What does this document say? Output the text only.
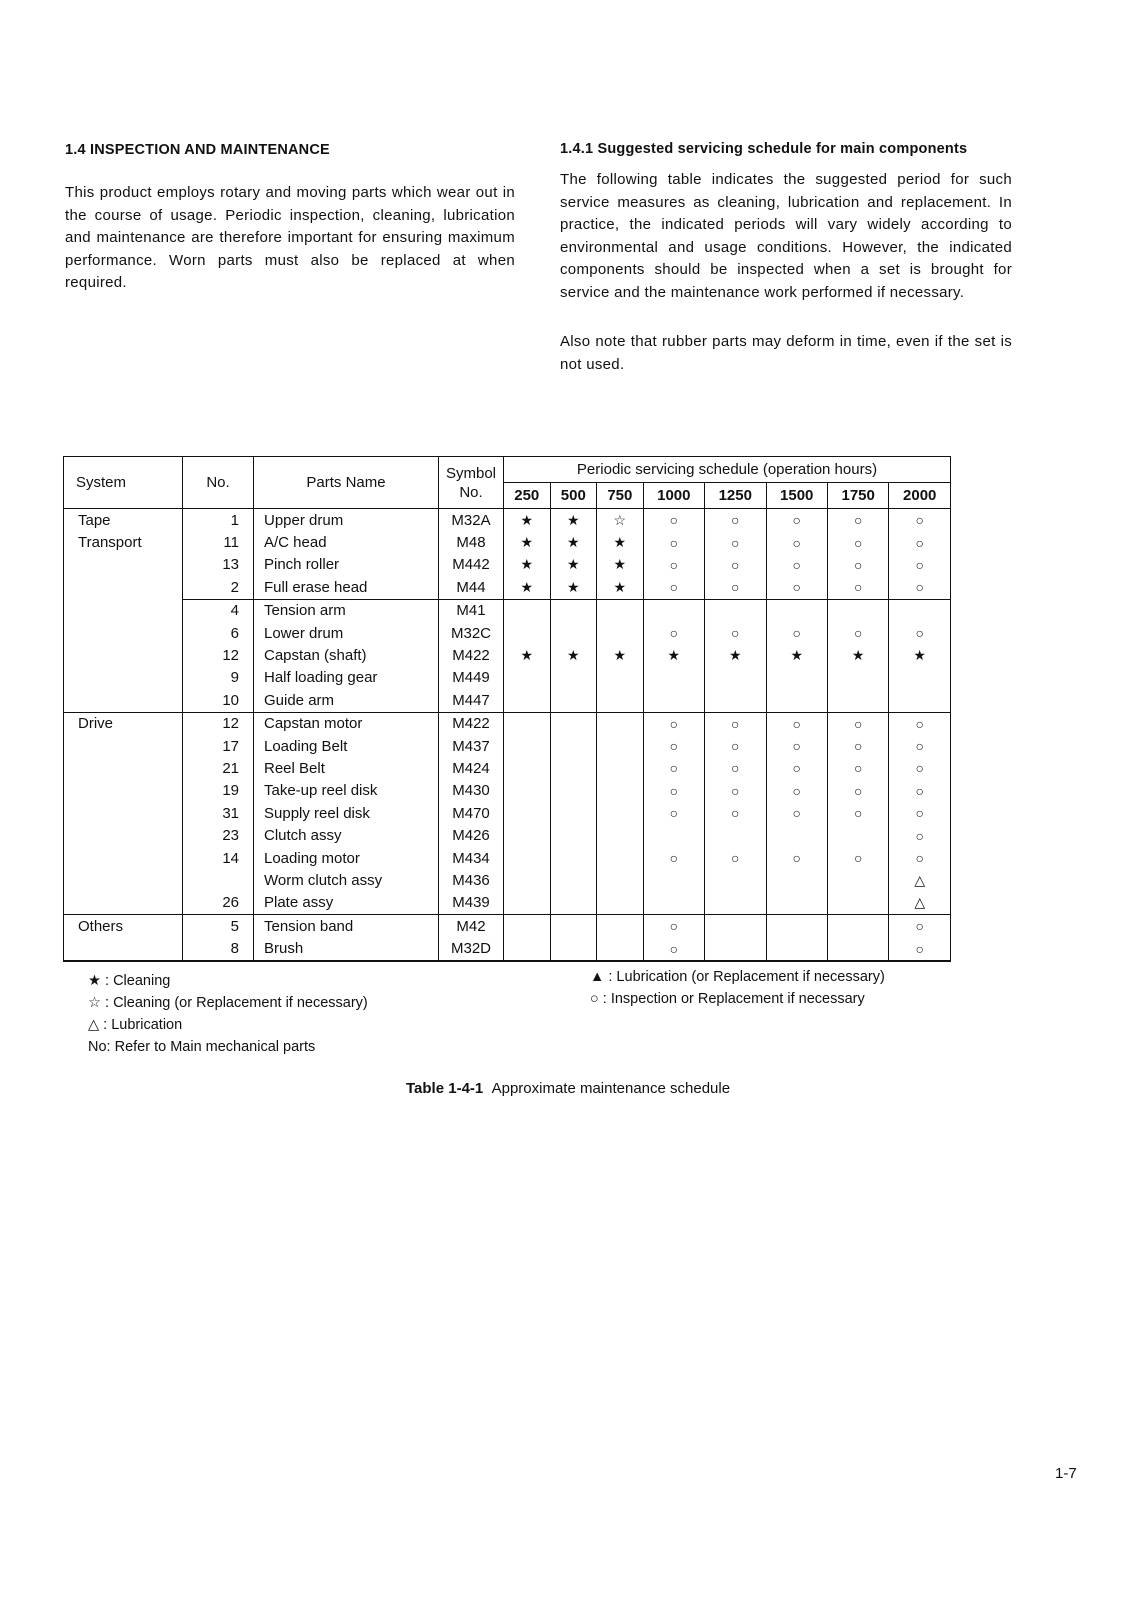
1.4 INSPECTION AND MAINTENANCE
This product employs rotary and moving parts which wear out in the course of usage. Periodic inspection, cleaning, lubrication and maintenance are therefore important for ensuring maximum performance. Worn parts must also be replaced at when required.
1.4.1 Suggested servicing schedule for main components
The following table indicates the suggested period for such service measures as cleaning, lubrication and replacement. In practice, the indicated periods will vary widely according to environmental and usage conditions. However, the indicated components should be inspected when a set is brought for service and the maintenance work performed if necessary.
Also note that rubber parts may deform in time, even if the set is not used.
System	No.	Parts Name	Symbol No.	Periodic servicing schedule (operation hours)							
				250	500	750	1000	1250	1500	1750	2000
Tape	1	Upper drum	M32A	★	★	☆	○	○	○	○	○
Transport	11	A/C head	M48	★	★	★	○	○	○	○	○
	13	Pinch roller	M442	★	★	★	○	○	○	○	○
	2	Full erase head	M44	★	★	★	○	○	○	○	○
	4	Tension arm	M41								
	6	Lower drum	M32C				○	○	○	○	○
	12	Capstan (shaft)	M422	★	★	★	★	★	★	★	★
	9	Half loading gear	M449								
	10	Guide arm	M447								
Drive	12	Capstan motor	M422				○	○	○	○	○
	17	Loading Belt	M437				○	○	○	○	○
	21	Reel Belt	M424				○	○	○	○	○
	19	Take-up reel disk	M430				○	○	○	○	○
	31	Supply reel disk	M470				○	○	○	○	○
	23	Clutch assy	M426								○
	14	Loading motor	M434				○	○	○	○	○
		Worm clutch assy	M436								△
	26	Plate assy	M439								△
Others	5	Tension band	M42				○				○
	8	Brush	M32D				○				○
★ : Cleaning
☆ : Cleaning (or Replacement if necessary)
△ : Lubrication
No: Refer to Main mechanical parts
▲ : Lubrication (or Replacement if necessary)
○ : Inspection or Replacement if necessary
Table 1-4-1 Approximate maintenance schedule
1-7
